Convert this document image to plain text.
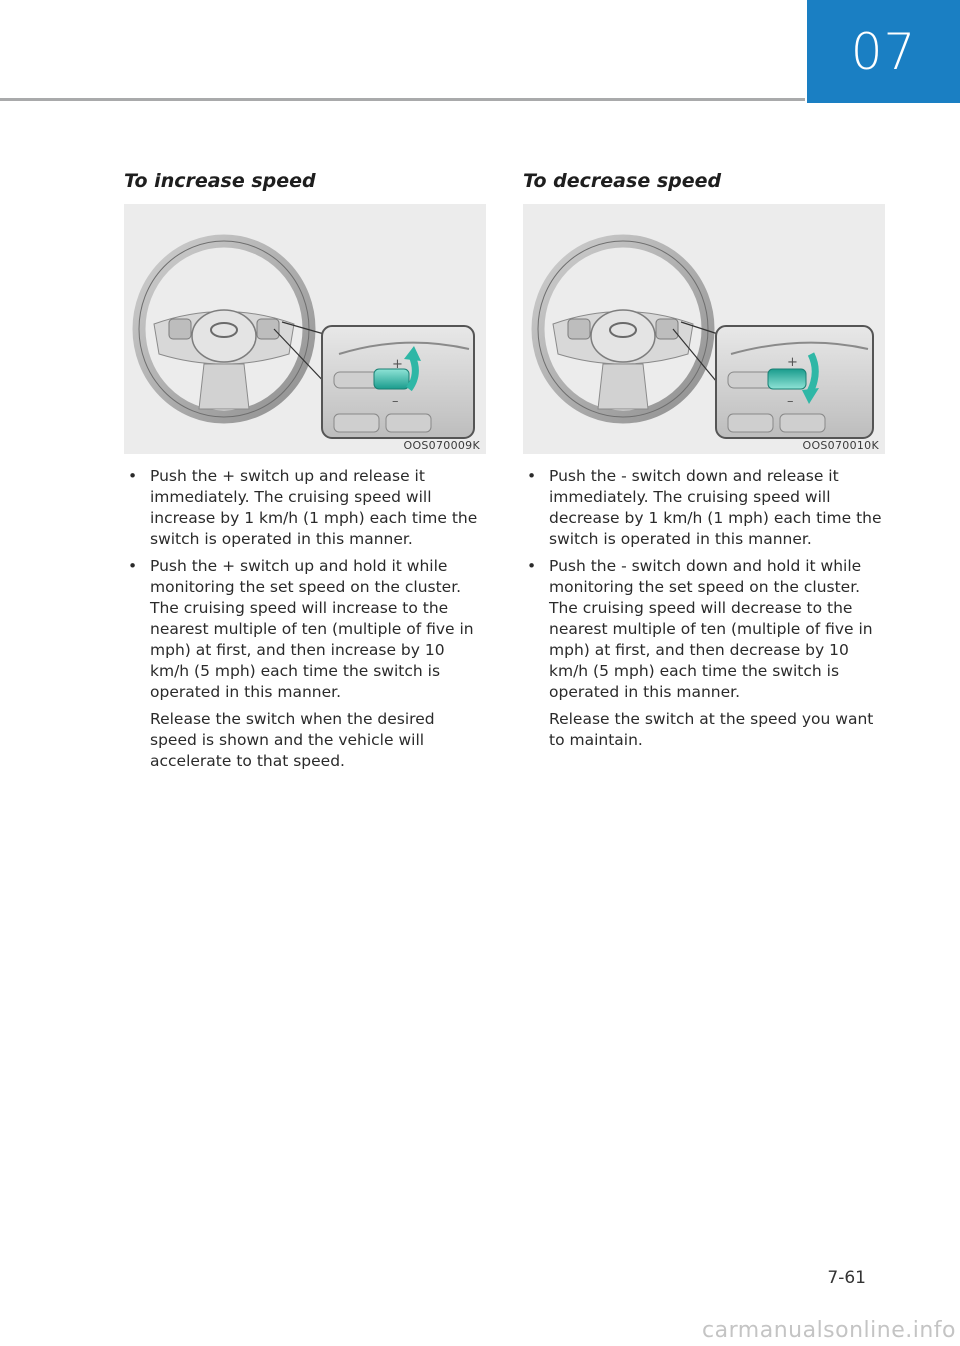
07
To increase speed
+
–
OOS070009K
• Push the + switch up and release it immediately. The cruising speed will increase by 1 km/h (1 mph) each time the switch is operated in this manner.
• Push the + switch up and hold it while monitoring the set speed on the cluster. The cruising speed will increase to the nearest multiple of ten (multiple of five in mph) at first, and then increase by 10 km/h (5 mph) each time the switch is operated in this manner.
Release the switch when the desired speed is shown and the vehicle will accelerate to that speed.
To decrease speed
+
–
OOS070010K
• Push the - switch down and release it immediately. The cruising speed will decrease by 1 km/h (1 mph) each time the switch is operated in this manner.
• Push the - switch down and hold it while monitoring the set speed on the cluster. The cruising speed will decrease to the nearest multiple of ten (multiple of five in mph) at first, and then decrease by 10 km/h (5 mph) each time the switch is operated in this manner.
Release the switch at the speed you want to maintain.
7-61
carmanualsonline.info
